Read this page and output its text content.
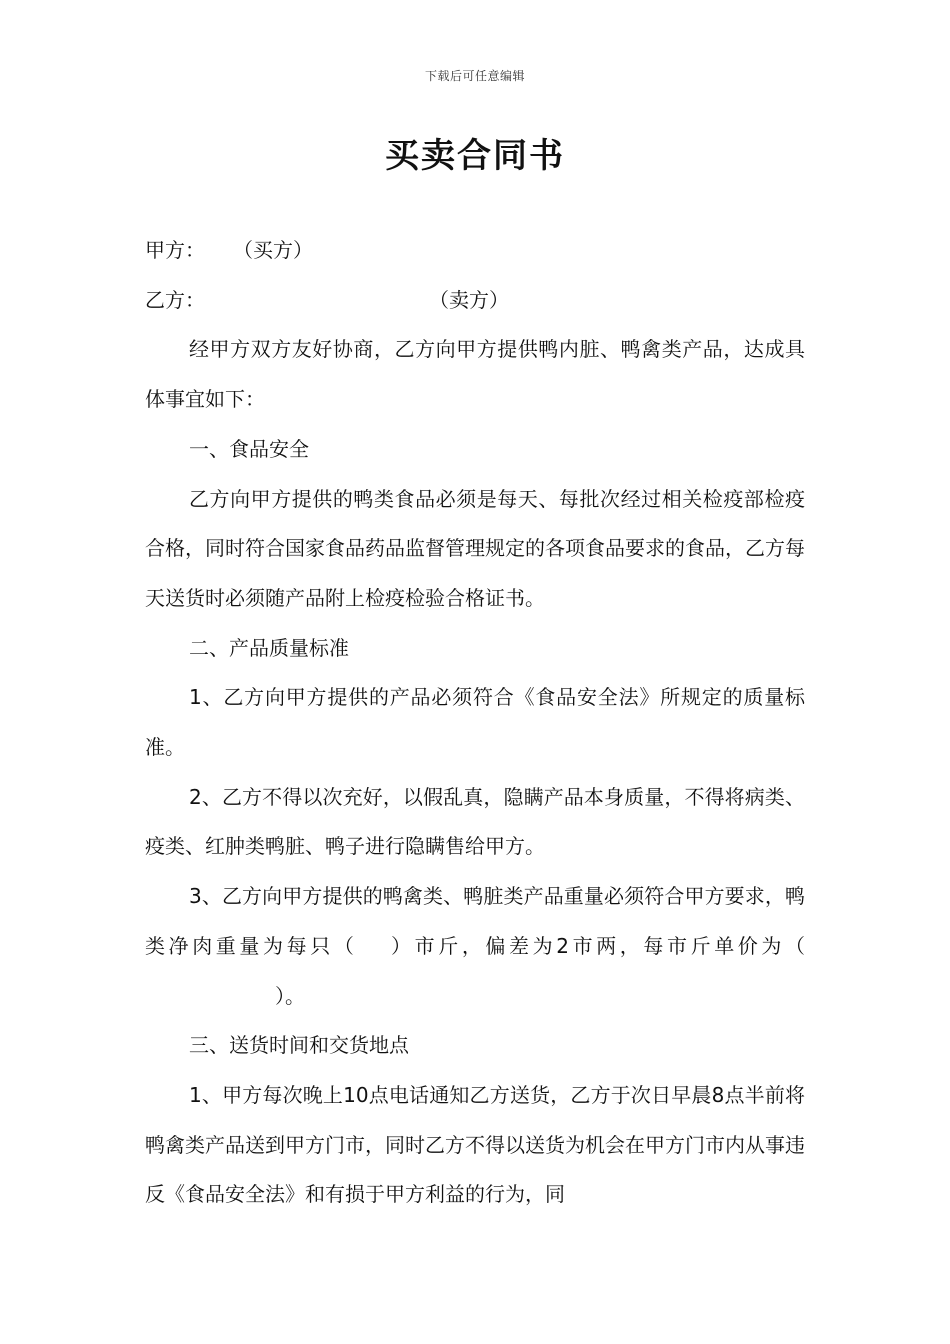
下载后可任意编辑
买卖合同书

甲方： （买方）

乙方：	（卖方）

经甲方双方友好协商，乙方向甲方提供鸭内脏、鸭禽类产品，达成具体事宜如下：

一、食品安全

乙方向甲方提供的鸭类食品必须是每天、每批次经过相关检疫部检疫合格，同时符合国家食品药品监督管理规定的各项食品要求的食品，乙方每天送货时必须随产品附上检疫检验合格证书。

二、产品质量标准

1、乙方向甲方提供的产品必须符合《食品安全法》所规定的质量标准。

2、乙方不得以次充好，以假乱真，隐瞒产品本身质量，不得将病类、疫类、红肿类鸭脏、鸭子进行隐瞒售给甲方。

3、乙方向甲方提供的鸭禽类、鸭脏类产品重量必须符合甲方要求，鸭类净肉重量为每只（ ）市斤，偏差为2市两，每市斤单价为（）。

三、送货时间和交货地点

1、甲方每次晚上10点电话通知乙方送货，乙方于次日早晨8点半前将鸭禽类产品送到甲方门市，同时乙方不得以送货为机会在甲方门市内从事违反《食品安全法》和有损于甲方利益的行为，同
